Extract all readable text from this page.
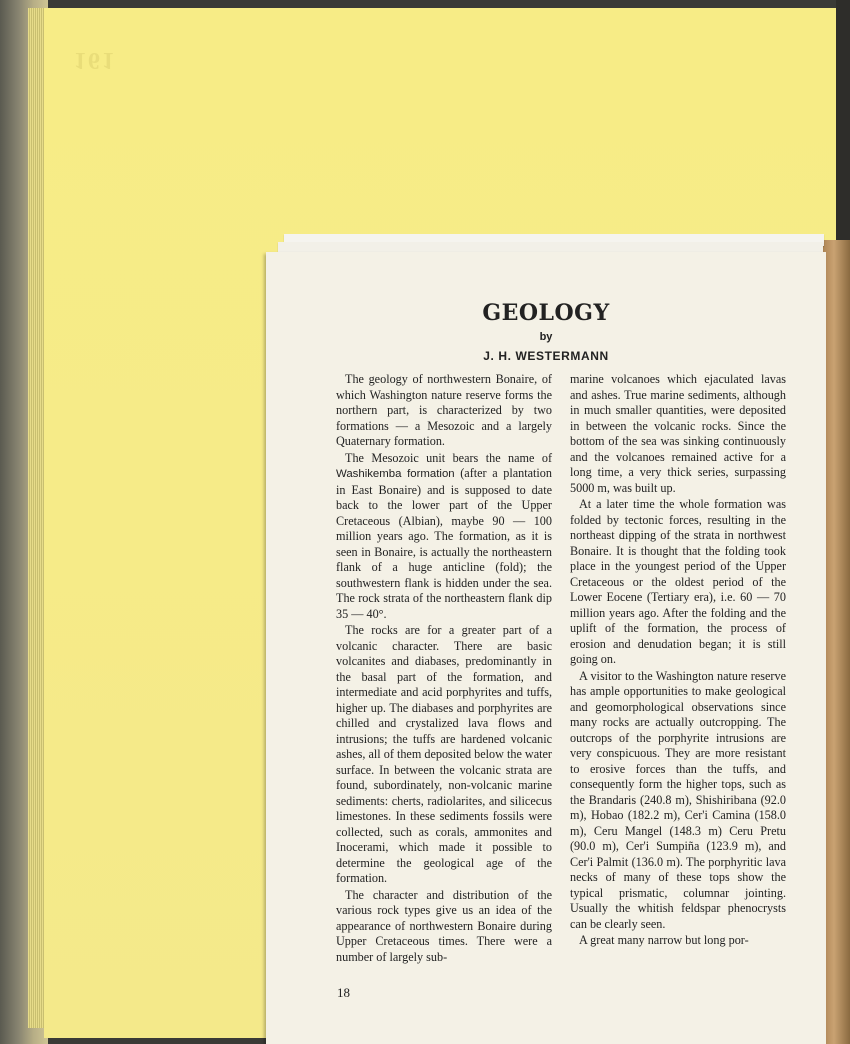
161
GEOLOGY
by
J. H. WESTERMANN

The geology of northwestern Bonaire, of which Washington nature reserve forms the northern part, is characterized by two formations — a Mesozoic and a largely Quaternary formation.

The Mesozoic unit bears the name of Washikemba formation (after a plantation in East Bonaire) and is supposed to date back to the lower part of the Upper Cretaceous (Albian), maybe 90 — 100 million years ago. The formation, as it is seen in Bonaire, is actually the northeastern flank of a huge anticline (fold); the southwestern flank is hidden under the sea. The rock strata of the northeastern flank dip 35 — 40°.

The rocks are for a greater part of a volcanic character. There are basic volcanites and diabases, predominantly in the basal part of the formation, and intermediate and acid porphyrites and tuffs, higher up. The diabases and porphyrites are chilled and crystalized lava flows and intrusions; the tuffs are hardened volcanic ashes, all of them deposited below the water surface. In between the volcanic strata are found, subordinately, non-volcanic marine sediments: cherts, radiolarites, and silicecus limestones. In these sediments fossils were collected, such as corals, ammonites and Inocerami, which made it possible to determine the geological age of the formation.

The character and distribution of the various rock types give us an idea of the appearance of northwestern Bonaire during Upper Cretaceous times. There were a number of largely sub-

marine volcanoes which ejaculated lavas and ashes. True marine sediments, although in much smaller quantities, were deposited in between the volcanic rocks. Since the bottom of the sea was sinking continuously and the volcanoes remained active for a long time, a very thick series, surpassing 5000 m, was built up.

At a later time the whole formation was folded by tectonic forces, resulting in the northeast dipping of the strata in northwest Bonaire. It is thought that the folding took place in the youngest period of the Upper Cretaceous or the oldest period of the Lower Eocene (Tertiary era), i.e. 60 — 70 million years ago. After the folding and the uplift of the formation, the process of erosion and denudation began; it is still going on.

A visitor to the Washington nature reserve has ample opportunities to make geological and geomorphological observations since many rocks are actually outcropping. The outcrops of the porphyrite intrusions are very conspicuous. They are more resistant to erosive forces than the tuffs, and consequently form the higher tops, such as the Brandaris (240.8 m), Shishiribana (92.0 m), Hobao (182.2 m), Cer'i Camina (158.0 m), Ceru Mangel (148.3 m) Ceru Pretu (90.0 m), Cer'i Sumpiña (123.9 m), and Cer'i Palmit (136.0 m). The porphyritic lava necks of many of these tops show the typical prismatic, columnar jointing. Usually the whitish feldspar phenocrysts can be clearly seen.

A great many narrow but long por-

18
